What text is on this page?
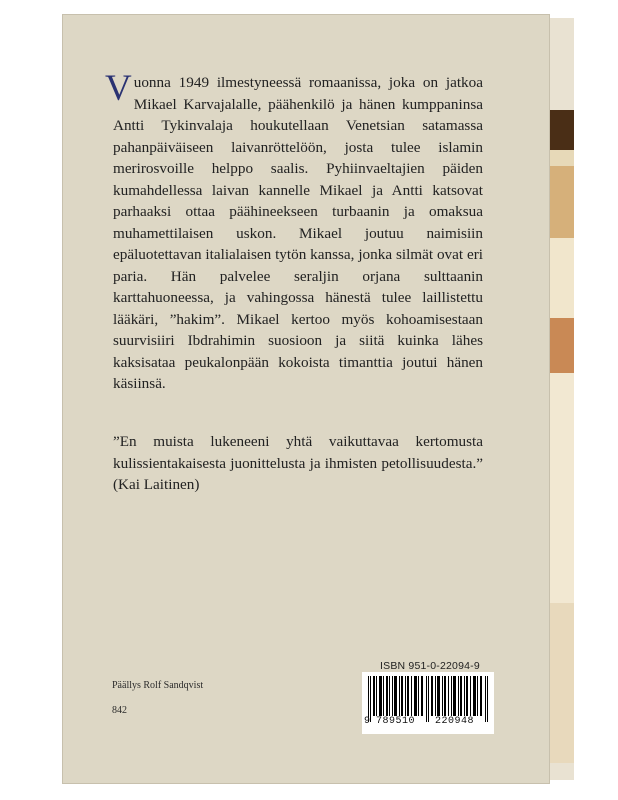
Vuonna 1949 ilmestyneessä romaanissa, joka on jatkoa Mikael Karvajalalle, päähenkilö ja hänen kumppaninsa Antti Tykinvalaja houkutellaan Venetsian satamassa pahanpäiväiseen laivanröttelöön, josta tulee islamin merirosvoille helppo saalis. Pyhiinvaeltajien päiden kumahdellessa laivan kannelle Mikael ja Antti katsovat parhaaksi ottaa päähineekseen turbaanin ja omaksua muhamettilaisen uskon. Mikael joutuu naimisiin epäluotettavan italialaisen tytön kanssa, jonka silmät ovat eri paria. Hän palvelee seraljin orjana sulttaanin karttahuoneessa, ja vahingossa hänestä tulee laillistettu lääkäri, ”hakim”. Mikael kertoo myös kohoamisestaan suurvisiiri Ibdrahimin suosioon ja siitä kuinka lähes kaksisataa peukalonpään kokoista timanttia joutui hänen käsiinsä.

”En muista lukeneeni yhtä vaikuttavaa kertomusta kulissientakaisesta juonittelusta ja ihmisten petollisuudesta.” (Kai Laitinen)

Päällys Rolf Sandqvist
842
ISBN 951-0-22094-9
9 789510	220948
